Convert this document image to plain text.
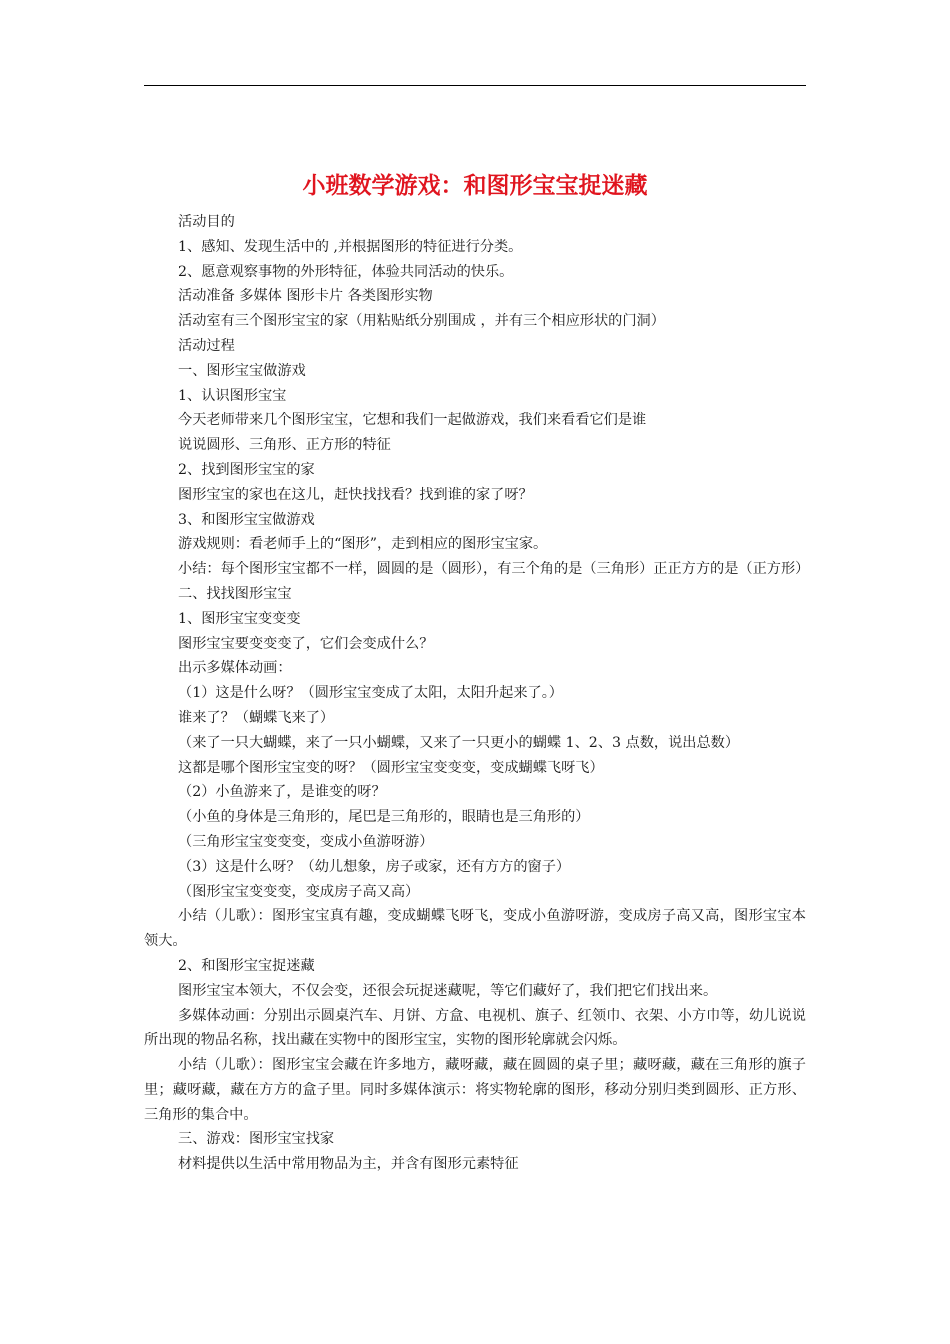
小班数学游戏：和图形宝宝捉迷藏

活动目的

1、感知、发现生活中的 ,并根据图形的特征进行分类。

2、愿意观察事物的外形特征，体验共同活动的快乐。

活动准备 多媒体 图形卡片 各类图形实物

活动室有三个图形宝宝的家（用粘贴纸分别围成 ，并有三个相应形状的门洞）

活动过程

一、图形宝宝做游戏

1、认识图形宝宝

今天老师带来几个图形宝宝，它想和我们一起做游戏，我们来看看它们是谁

说说圆形、三角形、正方形的特征

2、找到图形宝宝的家

图形宝宝的家也在这儿，赶快找找看？找到谁的家了呀？

3、和图形宝宝做游戏

游戏规则：看老师手上的“图形”，走到相应的图形宝宝家。

小结：每个图形宝宝都不一样，圆圆的是（圆形），有三个角的是（三角形）正正方方的是（正方形）

二、找找图形宝宝

1、图形宝宝变变变

图形宝宝要变变变了，它们会变成什么？

出示多媒体动画：

（1）这是什么呀？（圆形宝宝变成了太阳，太阳升起来了。）

谁来了？（蝴蝶飞来了）

（来了一只大蝴蝶，来了一只小蝴蝶，又来了一只更小的蝴蝶 1、2、3 点数，说出总数）

这都是哪个图形宝宝变的呀？（圆形宝宝变变变，变成蝴蝶飞呀飞）

（2）小鱼游来了，是谁变的呀？

（小鱼的身体是三角形的，尾巴是三角形的，眼睛也是三角形的）

（三角形宝宝变变变，变成小鱼游呀游）

（3）这是什么呀？（幼儿想象，房子或家，还有方方的窗子）

（图形宝宝变变变，变成房子高又高）

小结（儿歌）：图形宝宝真有趣，变成蝴蝶飞呀飞，变成小鱼游呀游，变成房子高又高，图形宝宝本领大。

2、和图形宝宝捉迷藏

图形宝宝本领大，不仅会变，还很会玩捉迷藏呢，等它们藏好了，我们把它们找出来。

多媒体动画：分别出示圆桌汽车、月饼、方盒、电视机、旗子、红领巾、衣架、小方巾等，幼儿说说所出现的物品名称，找出藏在实物中的图形宝宝，实物的图形轮廓就会闪烁。

小结（儿歌）：图形宝宝会藏在许多地方，藏呀藏，藏在圆圆的桌子里；藏呀藏，藏在三角形的旗子里；藏呀藏，藏在方方的盒子里。同时多媒体演示：将实物轮廓的图形，移动分别归类到圆形、正方形、三角形的集合中。

三、游戏：图形宝宝找家

材料提供以生活中常用物品为主，并含有图形元素特征
